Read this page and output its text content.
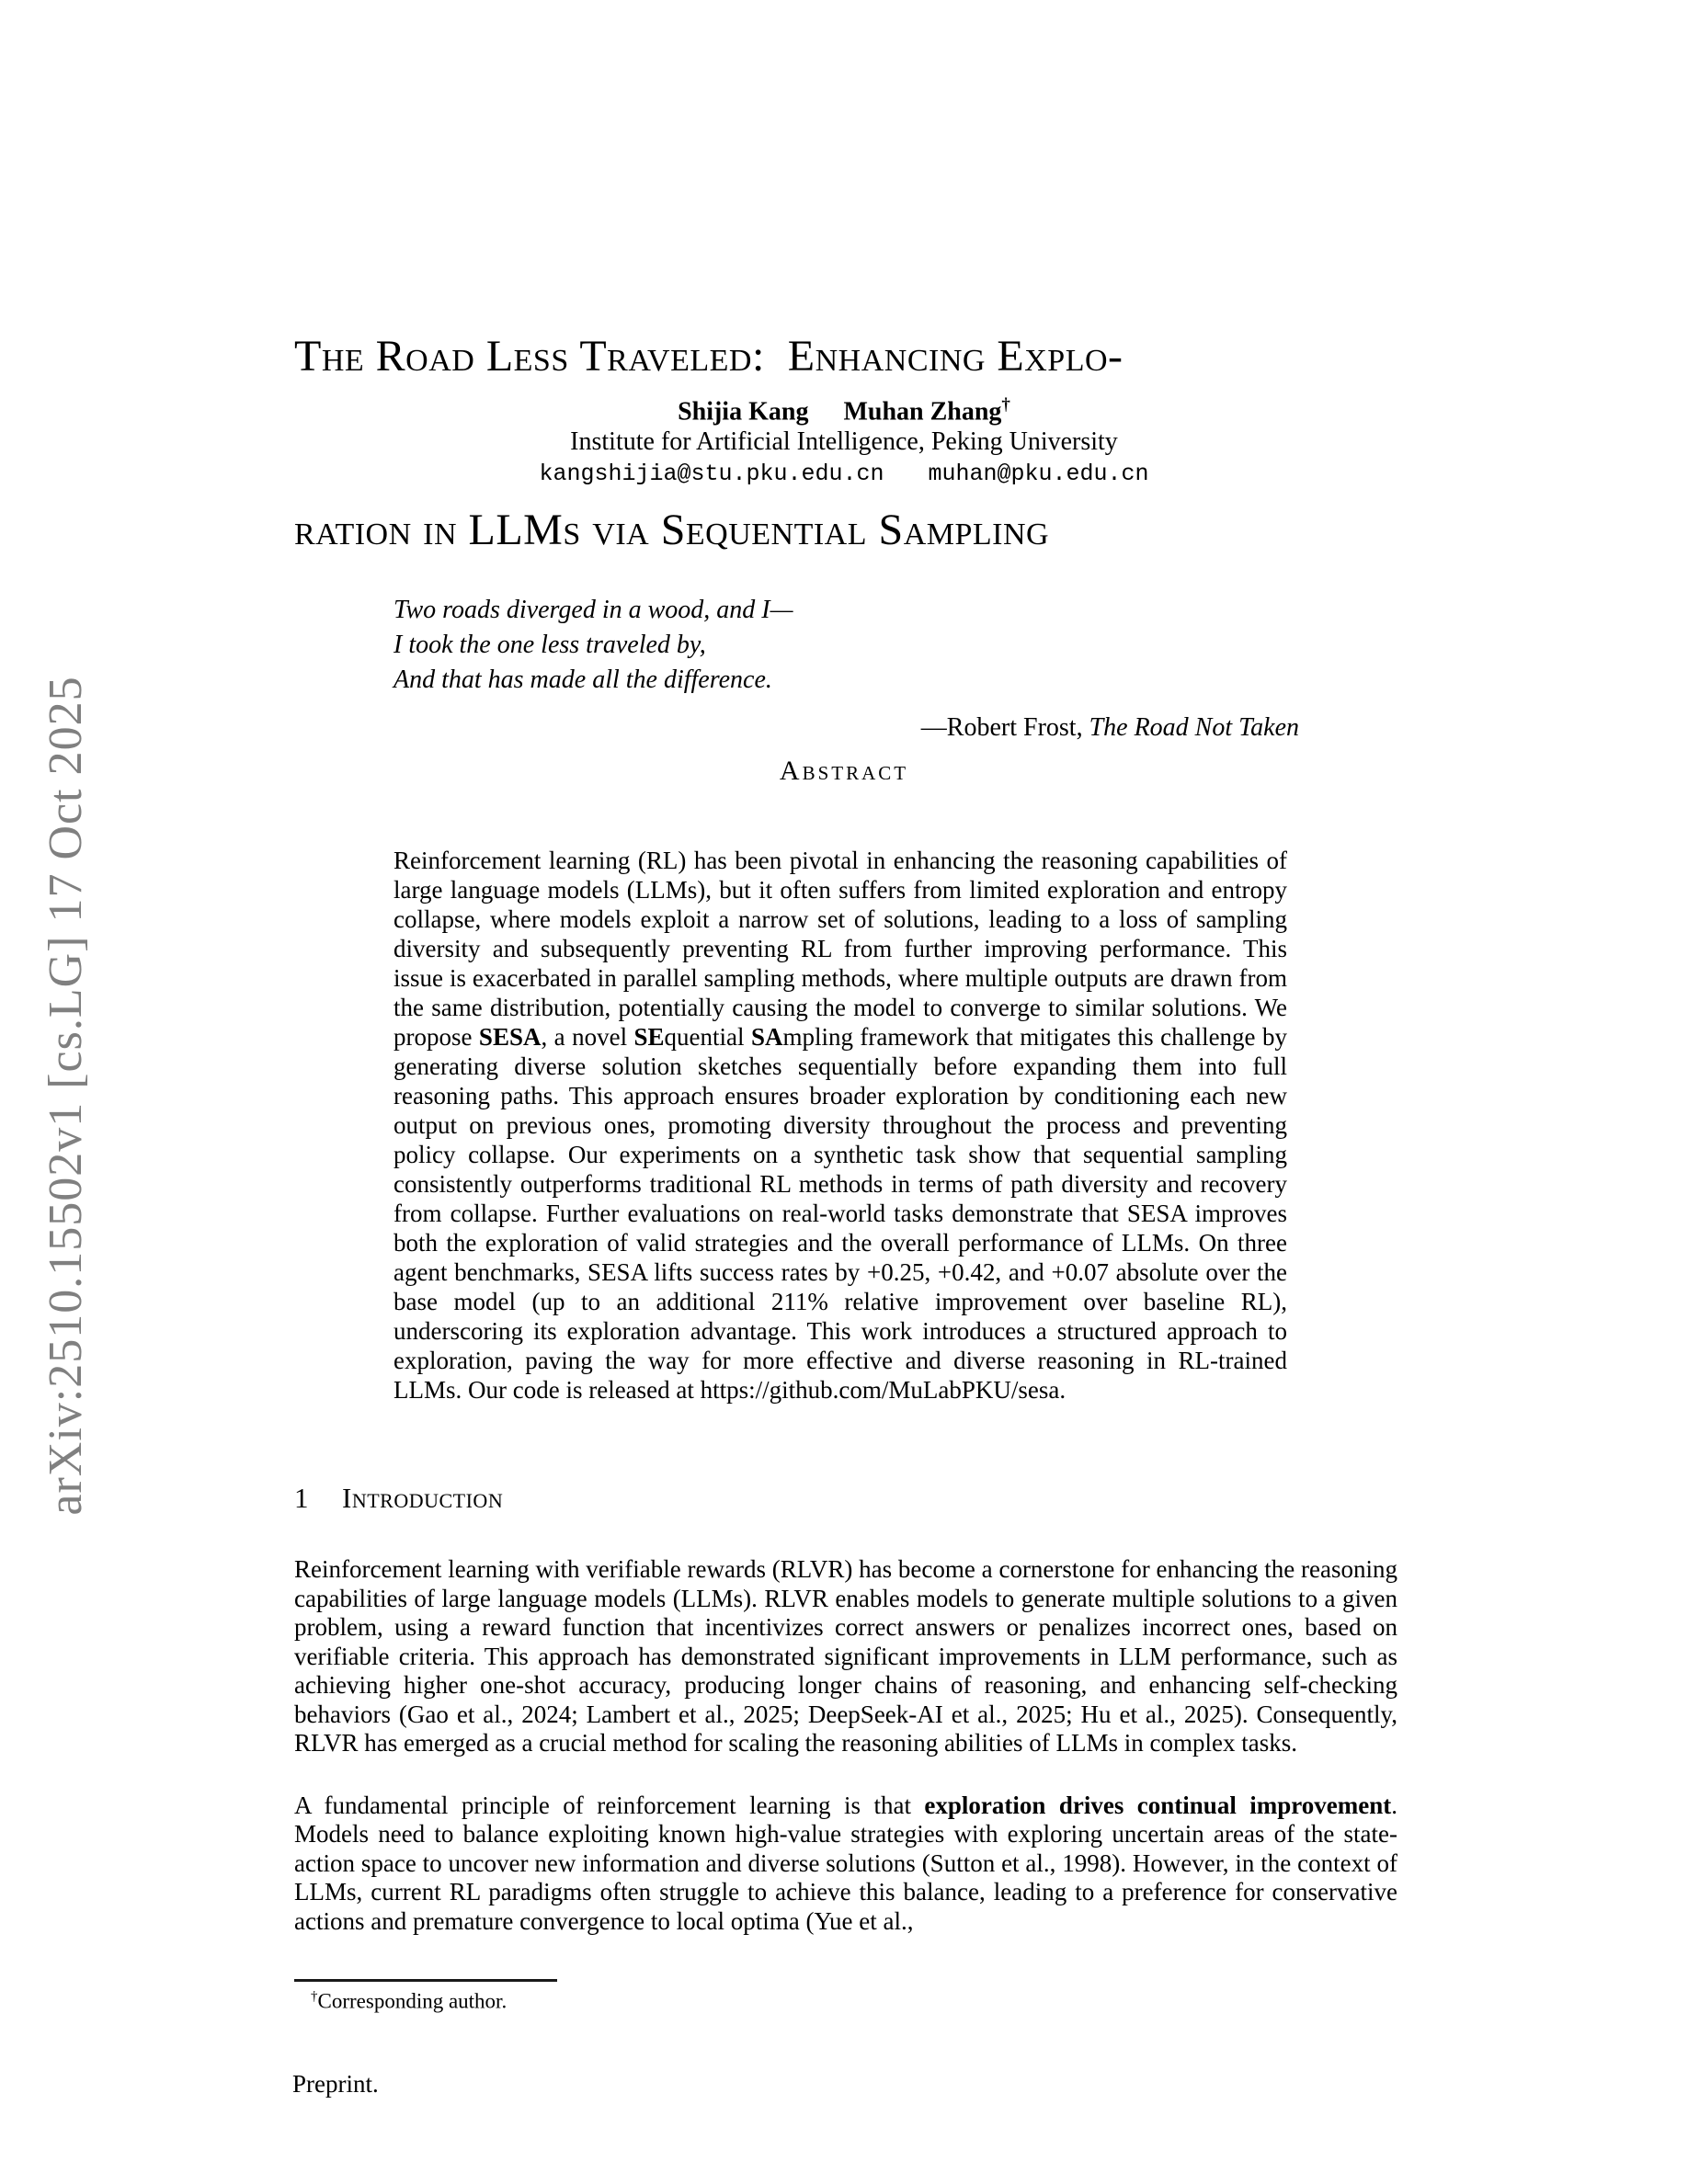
arXiv:2510.15502v1 [cs.LG] 17 Oct 2025

The Road Less Traveled:  Enhancing Explo-

ration in LLMs via Sequential Sampling

Shijia Kang Muhan Zhang†
Institute for Artificial Intelligence, Peking University
kangshijia@stu.pku.edu.cn muhan@pku.edu.cn
Two roads diverged in a wood, and I—
I took the one less traveled by,
And that has made all the difference.
—Robert Frost, The Road Not Taken
Abstract

Reinforcement learning (RL) has been pivotal in enhancing the reasoning capabilities of large language models (LLMs), but it often suffers from limited exploration and entropy collapse, where models exploit a narrow set of solutions, leading to a loss of sampling diversity and subsequently preventing RL from further improving performance. This issue is exacerbated in parallel sampling methods, where multiple outputs are drawn from the same distribution, potentially causing the model to converge to similar solutions. We propose SESA, a novel SEquential SAmpling framework that mitigates this challenge by generating diverse solution sketches sequentially before expanding them into full reasoning paths. This approach ensures broader exploration by conditioning each new output on previous ones, promoting diversity throughout the process and preventing policy collapse. Our experiments on a synthetic task show that sequential sampling consistently outperforms traditional RL methods in terms of path diversity and recovery from collapse. Further evaluations on real-world tasks demonstrate that SESA improves both the exploration of valid strategies and the overall performance of LLMs. On three agent benchmarks, SESA lifts success rates by +0.25, +0.42, and +0.07 absolute over the base model (up to an additional 211% relative improvement over baseline RL), underscoring its exploration advantage. This work introduces a structured approach to exploration, paving the way for more effective and diverse reasoning in RL-trained LLMs. Our code is released at https://github.com/MuLabPKU/sesa.

1 Introduction

Reinforcement learning with verifiable rewards (RLVR) has become a cornerstone for enhancing the reasoning capabilities of large language models (LLMs). RLVR enables models to generate multiple solutions to a given problem, using a reward function that incentivizes correct answers or penalizes incorrect ones, based on verifiable criteria. This approach has demonstrated significant improvements in LLM performance, such as achieving higher one-shot accuracy, producing longer chains of reasoning, and enhancing self-checking behaviors (Gao et al., 2024; Lambert et al., 2025; DeepSeek-AI et al., 2025; Hu et al., 2025). Consequently, RLVR has emerged as a crucial method for scaling the reasoning abilities of LLMs in complex tasks.

A fundamental principle of reinforcement learning is that exploration drives continual improvement. Models need to balance exploiting known high-value strategies with exploring uncertain areas of the state-action space to uncover new information and diverse solutions (Sutton et al., 1998). However, in the context of LLMs, current RL paradigms often struggle to achieve this balance, leading to a preference for conservative actions and premature convergence to local optima (Yue et al.,

†Corresponding author.
Preprint.
